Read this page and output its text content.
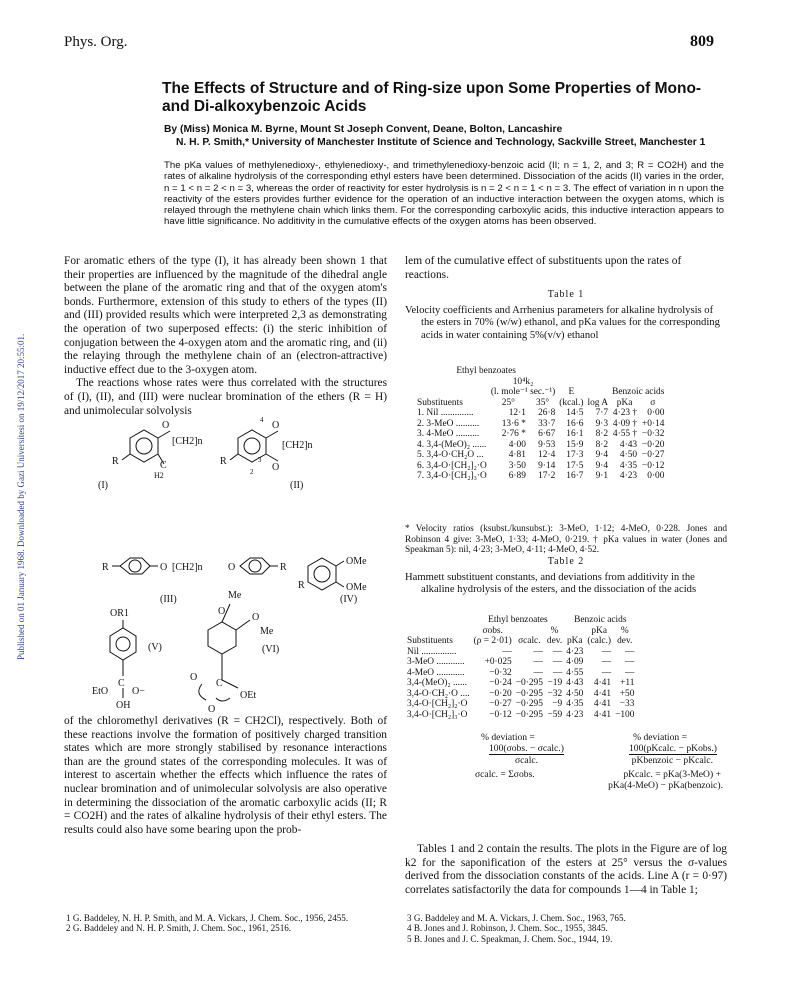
Phys. Org.	809
The Effects of Structure and of Ring-size upon Some Properties of Mono- and Di-alkoxybenzoic Acids
By (Miss) Monica M. Byrne, Mount St Joseph Convent, Deane, Bolton, Lancashire
N. H. P. Smith,* University of Manchester Institute of Science and Technology, Sackville Street, Manchester 1
The pKa values of methylenedioxy-, ethylenedioxy-, and trimethylenedioxy-benzoic acid (II; n = 1, 2, and 3; R = CO2H) and the rates of alkaline hydrolysis of the corresponding ethyl esters have been determined. Dissociation of the acids (II) varies in the order, n = 1 < n = 2 < n = 3, whereas the order of reactivity for ester hydrolysis is n = 2 < n = 1 < n = 3. The effect of variation in n upon the reactivity of the esters provides further evidence for the operation of an inductive interaction between the oxygen atoms, which is relayed through the methylene chain which links them. For the corresponding carboxylic acids, this inductive interaction appears to have little significance. No additivity in the cumulative effects of the oxygen atoms has been observed.
Published on 01 January 1968. Downloaded by Gazi Universitesi on 19/12/2017 20:55:01.

For aromatic ethers of the type (I), it has already been shown 1 that their properties are influenced by the magnitude of the dihedral angle between the plane of the aromatic ring and that of the oxygen atom's bonds. Furthermore, extension of this study to ethers of the types (II) and (III) provided results which were interpreted 2,3 as demonstrating the operation of two superposed effects: (i) the steric inhibition of conjugation between the 4-oxygen atom and the aromatic ring, and (ii) the relaying through the methylene chain of an (electron-attractive) inductive effect due to the 3-oxygen atom.

The reactions whose rates were thus correlated with the structures of (I), (II), and (III) were nuclear bromination of the ethers (R = H) and unimolecular solvolysis

O
[CH2]n
C
H2
R
(I)
4 O
O
3
2
[CH2]n
R
(II)
R	O [CH2]n	O	R
(III)
OMe
OMe
R
(IV)
OR1
(V)
C
EtO O−
OH
Me
O
O
Me
(VI)
C
O
O
OEt

of the chloromethyl derivatives (R = CH2Cl), respectively. Both of these reactions involve the formation of positively charged transition states which are more strongly stabilised by resonance interactions than are the ground states of the corresponding molecules. It was of interest to ascertain whether the effects which influence the rates of nuclear bromination and of unimolecular solvolysis are also operative in determining the dissociation of the aromatic carboxylic acids (II; R = CO2H) and the rates of alkaline hydrolysis of their ethyl esters. The results could also have some bearing upon the prob-

lem of the cumulative effect of substituents upon the rates of reactions.

Table 1

Velocity coefficients and Arrhenius parameters for alkaline hydrolysis of the esters in 70% (w/w) ethanol, and pKa values for the corresponding acids in water containing 5%(v/v) ethanol

Ethyl benzoates						
	10⁴k₂					
	(l. mole⁻¹ sec.⁻¹)		E		Benzoic acids	
Substituents	25°	35°	(kcal.)	log A	pKa	σ
1. Nil ..............	12·1	26·8	14·5	7·7	4·23 †	0·00
2. 3-MeO ..........	13·6 *	33·7	16·6	9·3	4·09 †	+0·14
3. 4-MeO ..........	2·76 *	6·67	16·1	8·2	4·55 †	−0·32
4. 3,4-(MeO)₂ ......	4·00	9·53	15·9	8·2	4·43	−0·20
5. 3,4-O·CH₂O ...	4·81	12·4	17·3	9·4	4·50	−0·27
6. 3,4-O·[CH₂]₂·O	3·50	9·14	17·5	9·4	4·35	−0·12
7. 3,4-O·[CH₂]₃·O	6·89	17·2	16·7	9·1	4·23	0·00
* Velocity ratios (ksubst./kunsubst.): 3-MeO, 1·12; 4-MeO, 0·228. Jones and Robinson 4 give: 3-MeO, 1·33; 4-MeO, 0·219. † pKa values in water (Jones and Speakman 5): nil, 4·23; 3-MeO, 4·11; 4-MeO, 4·52.
Table 2

Hammett substituent constants, and deviations from additivity in the alkaline hydrolysis of the esters, and the dissociation of the acids

	Ethyl benzoates			Benzoic acids		
	σobs.		%		pKa	%
Substituents	(ρ = 2·01)	σcalc.	dev.	pKa	(calc.)	dev.
Nil ...............	—	—	—	4·23	—	—
3-MeO ............	+0·025	—	—	4·09	—	—
4-MeO ............	−0·32	—	—	4·55	—	—
3,4-(MeO)₂ ......	−0·24	−0·295	−19	4·43	4·41	+11
3,4-O·CH₂·O ....	−0·20	−0·295	−32	4·50	4·41	+50
3,4-O·[CH₂]₂·O	−0·27	−0·295	−9	4·35	4·41	−33
3,4-O·[CH₂]₃·O	−0·12	−0·295	−59	4·23	4·41	−100
% deviation =	% deviation =
100(σobs. − σcalc.)	100(pKcalc. − pKobs.)
σcalc.	pKbenzoic − pKcalc.
σcalc. = Σσobs.	pKcalc. = pKa(3-MeO) +
pKa(4-MeO) − pKa(benzoic).

Tables 1 and 2 contain the results. The plots in the Figure are of log k2 for the saponification of the esters at 25° versus the σ-values derived from the dissociation constants of the acids. Line A (r = 0·97) correlates satisfactorily the data for compounds 1—4 in Table 1;

1 G. Baddeley, N. H. P. Smith, and M. A. Vickars, J. Chem. Soc., 1956, 2455.

2 G. Baddeley and N. H. P. Smith, J. Chem. Soc., 1961, 2516.

3 G. Baddeley and M. A. Vickars, J. Chem. Soc., 1963, 765.

4 B. Jones and J. Robinson, J. Chem. Soc., 1955, 3845.

5 B. Jones and J. C. Speakman, J. Chem. Soc., 1944, 19.
